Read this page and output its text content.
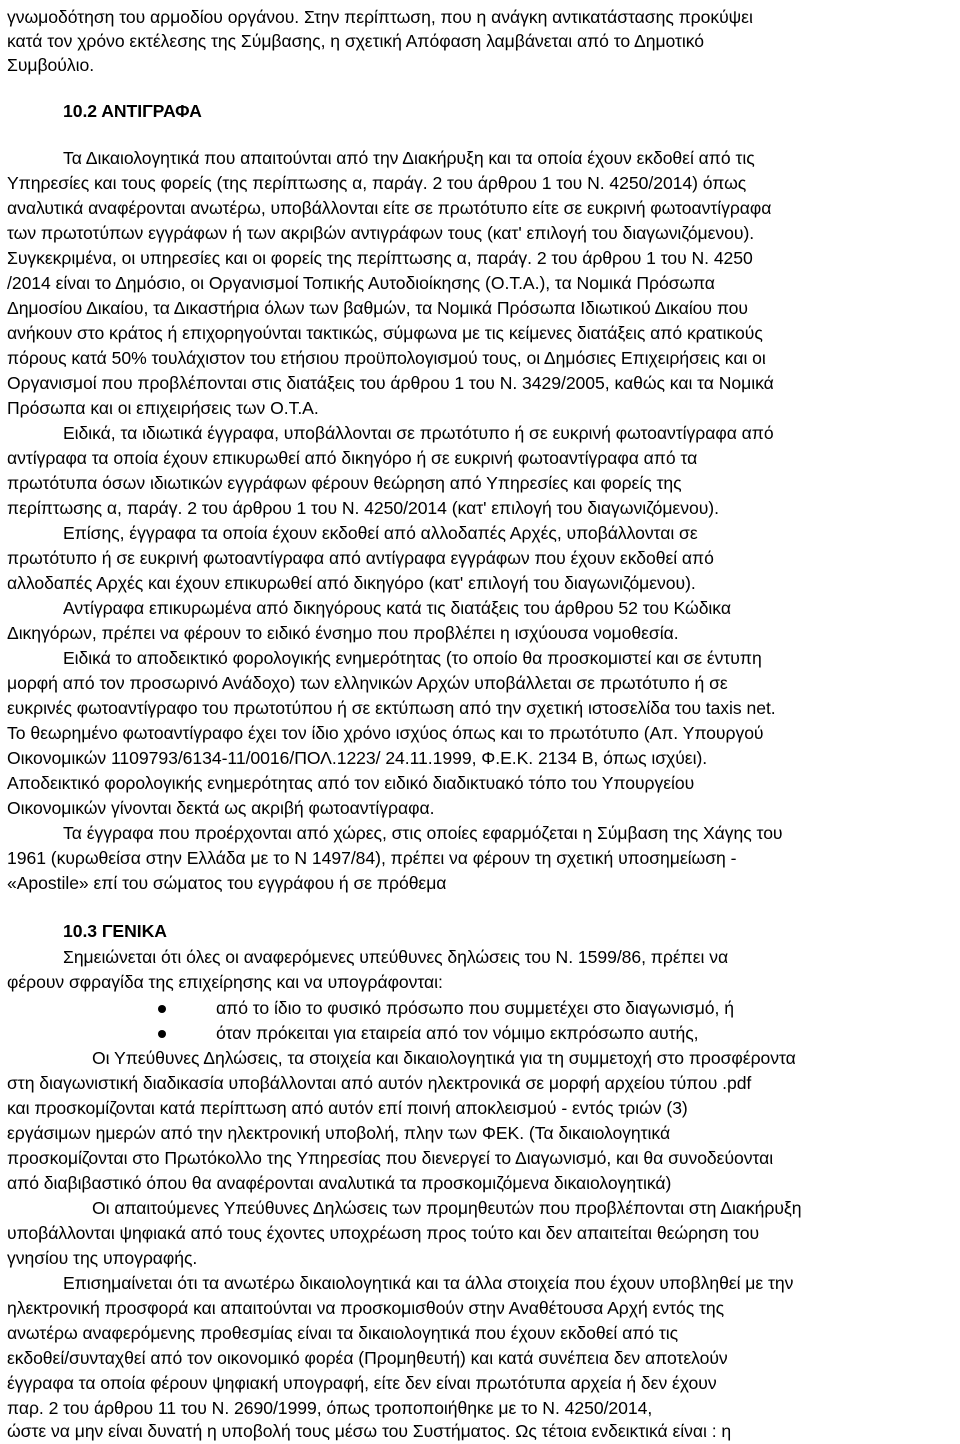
γνωμοδότηση του αρμοδίου οργάνου. Στην περίπτωση, που η ανάγκη αντικατάστασης προκύψει
κατά τον χρόνο εκτέλεσης της Σύμβασης, η σχετική Απόφαση λαμβάνεται από το Δημοτικό
Συμβούλιο.
10.2 ΑΝΤΙΓΡΑΦΑ
Τα Δικαιολογητικά που απαιτούνται από την Διακήρυξη και τα οποία έχουν εκδοθεί από τις
Υπηρεσίες και τους φορείς (της περίπτωσης α, παράγ. 2 του άρθρου 1 του Ν. 4250/2014) όπως
αναλυτικά αναφέρονται ανωτέρω, υποβάλλονται είτε σε πρωτότυπο είτε σε ευκρινή φωτοαντίγραφα
των πρωτοτύπων εγγράφων ή των ακριβών αντιγράφων τους (κατ' επιλογή του διαγωνιζόμενου).
Συγκεκριμένα, οι υπηρεσίες και οι φορείς της περίπτωσης α, παράγ. 2 του άρθρου 1 του Ν. 4250
/2014 είναι το Δημόσιο, οι Οργανισμοί Τοπικής Αυτοδιοίκησης (Ο.Τ.Α.), τα Νομικά Πρόσωπα
Δημοσίου Δικαίου, τα Δικαστήρια όλων των βαθμών, τα Νομικά Πρόσωπα Ιδιωτικού Δικαίου που
ανήκουν στο κράτος ή επιχορηγούνται τακτικώς, σύμφωνα με τις κείμενες διατάξεις από κρατικούς
πόρους κατά 50% τουλάχιστον του ετήσιου προϋπολογισμού τους, οι Δημόσιες Επιχειρήσεις και οι
Οργανισμοί που προβλέπονται στις διατάξεις του άρθρου 1 του Ν. 3429/2005, καθώς και τα Νομικά
Πρόσωπα και οι επιχειρήσεις των Ο.Τ.Α.
Ειδικά, τα ιδιωτικά έγγραφα, υποβάλλονται σε πρωτότυπο ή σε ευκρινή φωτοαντίγραφα από
αντίγραφα τα οποία έχουν επικυρωθεί από δικηγόρο ή σε ευκρινή φωτοαντίγραφα από τα
πρωτότυπα όσων ιδιωτικών εγγράφων φέρουν θεώρηση από Υπηρεσίες και φορείς της
περίπτωσης α, παράγ. 2 του άρθρου 1 του Ν. 4250/2014 (κατ' επιλογή του διαγωνιζόμενου).
Επίσης, έγγραφα τα οποία έχουν εκδοθεί από αλλοδαπές Αρχές, υποβάλλονται σε
πρωτότυπο ή σε ευκρινή φωτοαντίγραφα από αντίγραφα εγγράφων που έχουν εκδοθεί από
αλλοδαπές Αρχές και έχουν επικυρωθεί από δικηγόρο (κατ' επιλογή του διαγωνιζόμενου).
Αντίγραφα επικυρωμένα από δικηγόρους κατά τις διατάξεις του άρθρου 52 του Κώδικα
Δικηγόρων, πρέπει να φέρουν το ειδικό ένσημο που προβλέπει η ισχύουσα νομοθεσία.
Ειδικά το αποδεικτικό φορολογικής ενημερότητας (το οποίο θα προσκομιστεί και σε έντυπη
μορφή από τον προσωρινό Ανάδοχο) των ελληνικών Αρχών υποβάλλεται σε πρωτότυπο ή σε
ευκρινές φωτοαντίγραφο του πρωτοτύπου ή σε εκτύπωση από την σχετική ιστοσελίδα του taxis net.
Το θεωρημένο φωτοαντίγραφο έχει τον ίδιο χρόνο ισχύος όπως και το πρωτότυπο (Απ. Υπουργού
Οικονομικών 1109793/6134-11/0016/ΠΟΛ.1223/ 24.11.1999, Φ.Ε.Κ. 2134 Β, όπως ισχύει).
Αποδεικτικό φορολογικής ενημερότητας από τον ειδικό διαδικτυακό τόπο του Υπουργείου
Οικονομικών γίνονται δεκτά ως ακριβή φωτοαντίγραφα.
Τα έγγραφα που προέρχονται από χώρες, στις οποίες εφαρμόζεται η Σύμβαση της Χάγης του
1961 (κυρωθείσα στην Ελλάδα με το Ν 1497/84), πρέπει να φέρουν τη σχετική υποσημείωση -
«Apostile» επί του σώματος του εγγράφου ή σε πρόθεμα
10.3 ΓΕΝΙΚΑ
Σημειώνεται ότι όλες οι αναφερόμενες υπεύθυνες δηλώσεις του Ν. 1599/86, πρέπει να
φέρουν σφραγίδα της επιχείρησης και να υπογράφονται:
από το ίδιο το φυσικό πρόσωπο που συμμετέχει στο διαγωνισμό, ή
όταν πρόκειται για εταιρεία από τον νόμιμο εκπρόσωπο αυτής,
Οι Υπεύθυνες Δηλώσεις, τα στοιχεία και δικαιολογητικά για τη συμμετοχή στο προσφέροντα
στη διαγωνιστική διαδικασία υποβάλλονται από αυτόν ηλεκτρονικά σε μορφή αρχείου τύπου .pdf
και προσκομίζονται κατά περίπτωση από αυτόν επί ποινή αποκλεισμού - εντός τριών (3)
εργάσιμων ημερών από την ηλεκτρονική υποβολή, πλην των ΦΕΚ. (Τα δικαιολογητικά
προσκομίζονται στο Πρωτόκολλο της Υπηρεσίας που διενεργεί το Διαγωνισμό, και θα συνοδεύονται
από διαβιβαστικό όπου θα αναφέρονται αναλυτικά τα προσκομιζόμενα δικαιολογητικά)
Οι απαιτούμενες Υπεύθυνες Δηλώσεις των προμηθευτών που προβλέπονται στη Διακήρυξη
υποβάλλονται ψηφιακά από τους έχοντες υποχρέωση προς τούτο και δεν απαιτείται θεώρηση του
γνησίου της υπογραφής.
Επισημαίνεται ότι τα ανωτέρω δικαιολογητικά και τα άλλα στοιχεία που έχουν υποβληθεί με την
ηλεκτρονική προσφορά και απαιτούνται να προσκομισθούν στην Αναθέτουσα Αρχή εντός της
ανωτέρω αναφερόμενης προθεσμίας είναι τα δικαιολογητικά που έχουν εκδοθεί από τις
εκδοθεί/συνταχθεί από τον οικονομικό φορέα (Προμηθευτή) και κατά συνέπεια δεν αποτελούν
έγγραφα τα οποία φέρουν ψηφιακή υπογραφή, είτε δεν είναι πρωτότυπα αρχεία ή δεν έχουν
παρ. 2 του άρθρου 11 του Ν. 2690/1999, όπως τροποποιήθηκε με το Ν. 4250/2014,
ώστε να μην είναι δυνατή η υποβολή τους μέσω του Συστήματος. Ως τέτοια ενδεικτικά είναι : η
